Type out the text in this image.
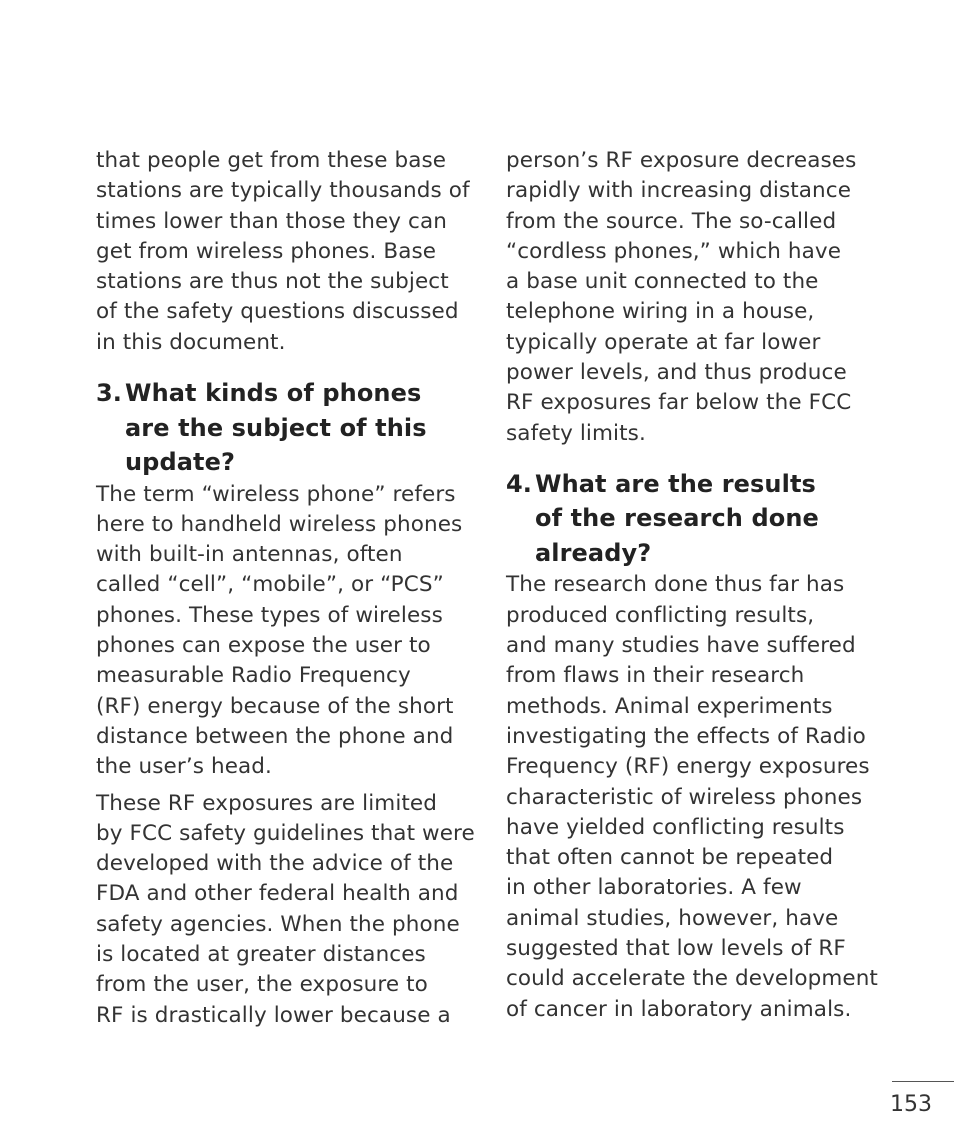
that people get from these base
stations are typically thousands of
times lower than those they can
get from wireless phones. Base
stations are thus not the subject
of the safety questions discussed
in this document.

3. What kinds of phones
are the subject of this
update?

The term “wireless phone” refers
here to handheld wireless phones
with built-in antennas, often
called “cell”, “mobile”, or “PCS”
phones. These types of wireless
phones can expose the user to
measurable Radio Frequency
(RF) energy because of the short
distance between the phone and
the user’s head.

These RF exposures are limited
by FCC safety guidelines that were
developed with the advice of the
FDA and other federal health and
safety agencies. When the phone
is located at greater distances
from the user, the exposure to
RF is drastically lower because a

person’s RF exposure decreases
rapidly with increasing distance
from the source. The so-called
“cordless phones,” which have
a base unit connected to the
telephone wiring in a house,
typically operate at far lower
power levels, and thus produce
RF exposures far below the FCC
safety limits.

4. What are the results
of the research done
already?

The research done thus far has
produced conflicting results,
and many studies have suffered
from flaws in their research
methods. Animal experiments
investigating the effects of Radio
Frequency (RF) energy exposures
characteristic of wireless phones
have yielded conflicting results
that often cannot be repeated
in other laboratories. A few
animal studies, however, have
suggested that low levels of RF
could accelerate the development
of cancer in laboratory animals.

153
